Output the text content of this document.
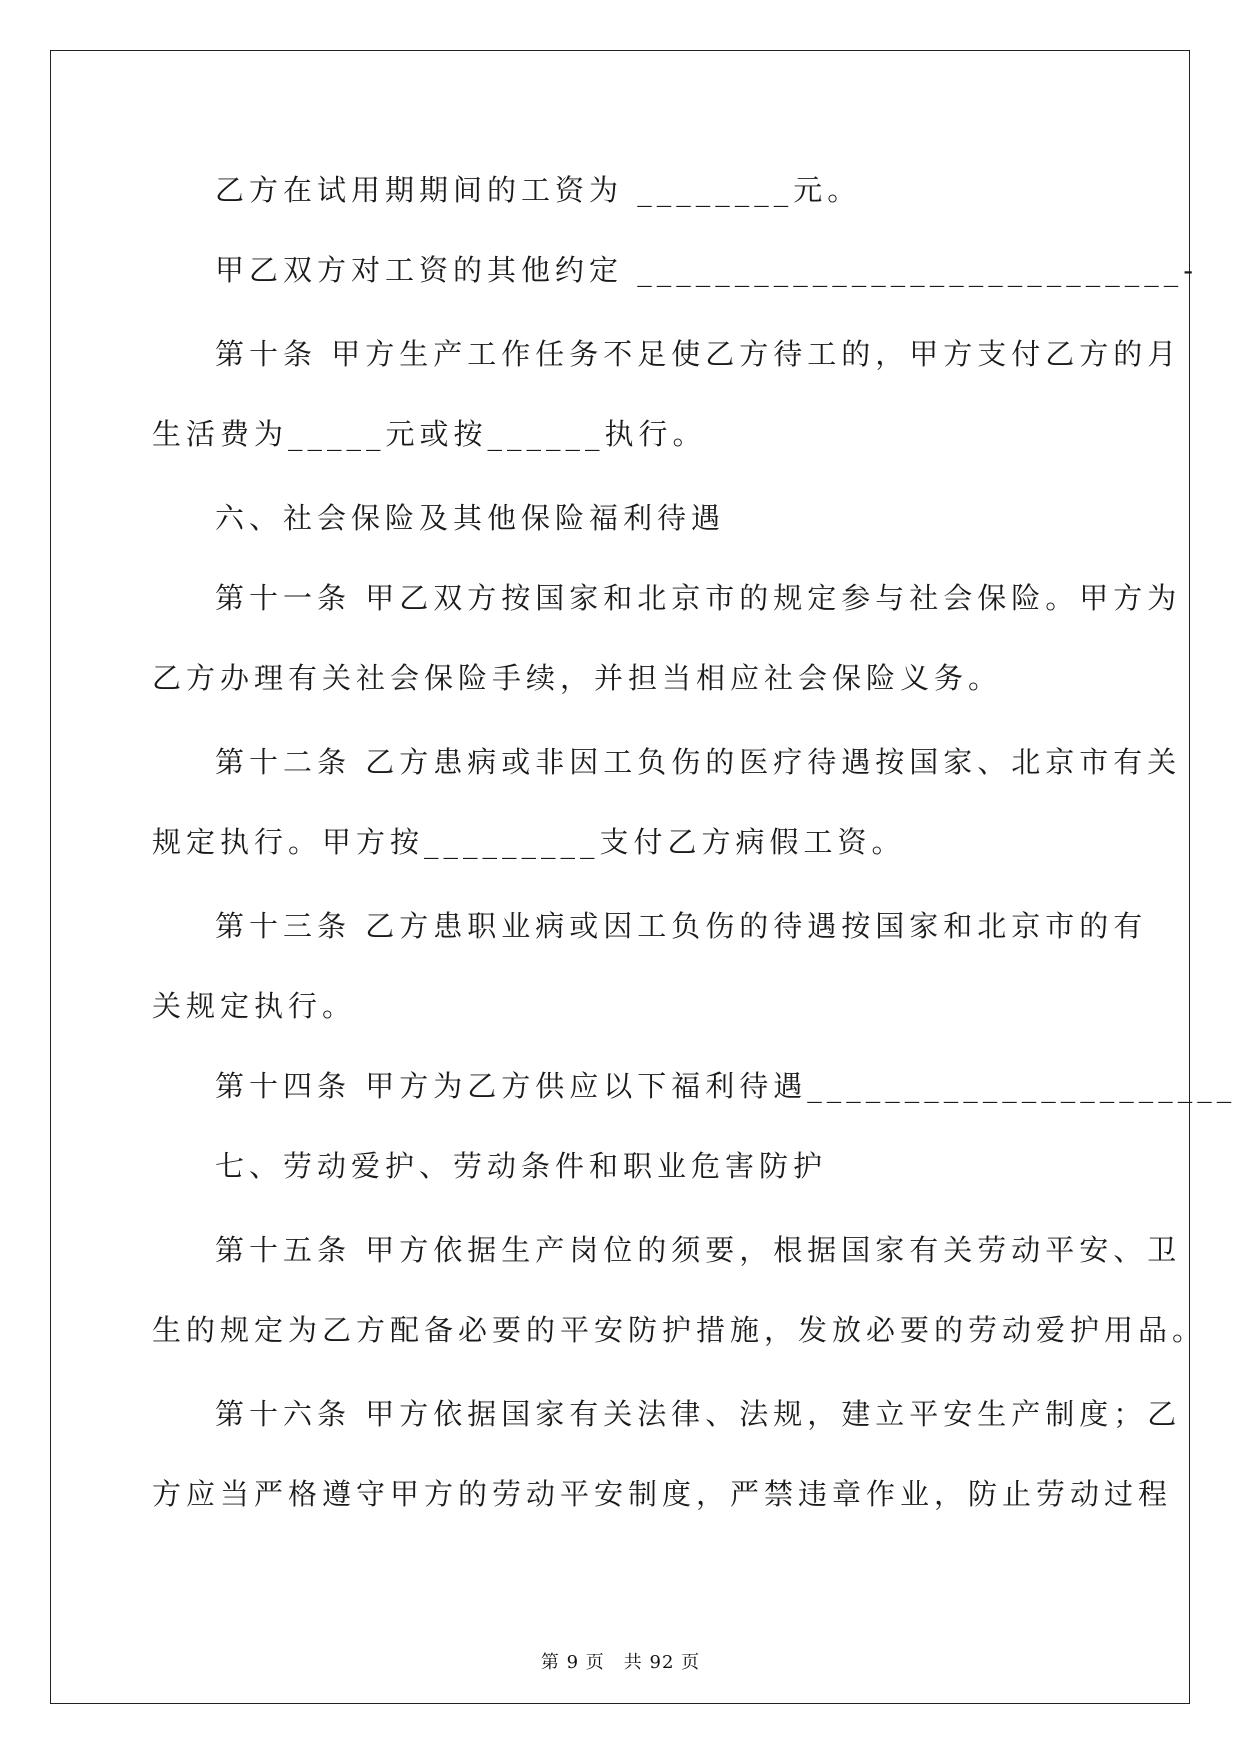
乙方在试用期期间的工资为 ________元。
甲乙双方对工资的其他约定 ____________________________-
第十条 甲方生产工作任务不足使乙方待工的，甲方支付乙方的月
生活费为_____元或按______执行。
六、社会保险及其他保险福利待遇
第十一条 甲乙双方按国家和北京市的规定参与社会保险。甲方为
乙方办理有关社会保险手续，并担当相应社会保险义务。
第十二条 乙方患病或非因工负伤的医疗待遇按国家、北京市有关
规定执行。甲方按_________支付乙方病假工资。
第十三条 乙方患职业病或因工负伤的待遇按国家和北京市的有
关规定执行。
第十四条 甲方为乙方供应以下福利待遇______________________
七、劳动爱护、劳动条件和职业危害防护
第十五条 甲方依据生产岗位的须要，根据国家有关劳动平安、卫
生的规定为乙方配备必要的平安防护措施，发放必要的劳动爱护用品。
第十六条 甲方依据国家有关法律、法规，建立平安生产制度；乙
方应当严格遵守甲方的劳动平安制度，严禁违章作业，防止劳动过程
第 9 页　共 92 页
